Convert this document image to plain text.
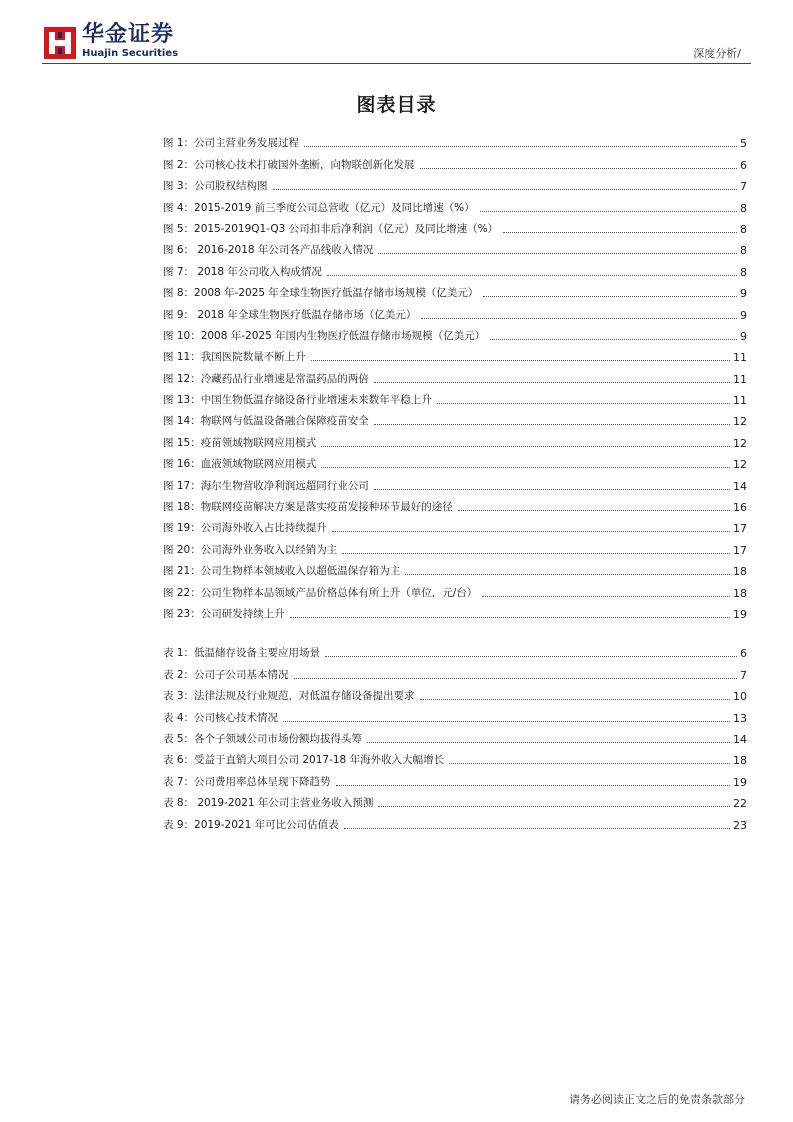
华金证券
Huajin Securities	深度分析/
图表目录
图 1：公司主营业务发展过程	5
图 2：公司核心技术打破国外垄断，向物联创新化发展	6
图 3：公司股权结构图	7
图 4：2015-2019 前三季度公司总营收（亿元）及同比增速（%）	8
图 5：2015-2019Q1-Q3 公司扣非后净利润（亿元）及同比增速（%）	8
图 6： 2016-2018 年公司各产品线收入情况	8
图 7： 2018 年公司收入构成情况	8
图 8：2008 年-2025 年全球生物医疗低温存储市场规模（亿美元）	9
图 9： 2018 年全球生物医疗低温存储市场（亿美元）	9
图 10：2008 年-2025 年国内生物医疗低温存储市场规模（亿美元）	9
图 11：我国医院数量不断上升	11
图 12：冷藏药品行业增速是常温药品的两倍	11
图 13：中国生物低温存储设备行业增速未来数年平稳上升	11
图 14：物联网与低温设备融合保障疫苗安全	12
图 15：疫苗领域物联网应用模式	12
图 16：血液领域物联网应用模式	12
图 17：海尔生物营收净利润远超同行业公司	14
图 18：物联网疫苗解决方案是落实疫苗发接种环节最好的途径	16
图 19：公司海外收入占比持续提升	17
图 20：公司海外业务收入以经销为主	17
图 21：公司生物样本领域收入以超低温保存箱为主	18
图 22：公司生物样本品领域产品价格总体有所上升（单位，元/台）	18
图 23：公司研发持续上升	19
表 1：低温储存设备主要应用场景	6
表 2：公司子公司基本情况	7
表 3：法律法规及行业规范，对低温存储设备提出要求	10
表 4：公司核心技术情况	13
表 5：各个子领域公司市场份额均拔得头筹	14
表 6：受益于直销大项目公司 2017-18 年海外收入大幅增长	18
表 7：公司费用率总体呈现下降趋势	19
表 8： 2019-2021 年公司主营业务收入预测	22
表 9：2019-2021 年可比公司估值表	23
请务必阅读正文之后的免责条款部分
